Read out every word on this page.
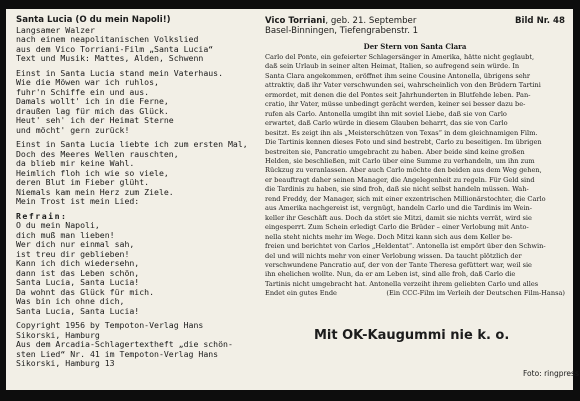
Santa Lucia (O du mein Napoli!)
Langsamer Walzer
nach einem neapolitanischen Volkslied
aus dem Vico Torriani-Film „Santa Lucia“
Text und Musik: Mattes, Alden, Schwenn
Einst in Santa Lucia stand mein Vaterhaus.
Wie die Möwen war ich ruhlos,
fuhr'n Schiffe ein und aus.
Damals wollt' ich in die Ferne,
draußen lag für mich das Glück.
Heut' seh' ich der Heimat Sterne
und möcht' gern zurück!
Einst in Santa Lucia liebte ich zum ersten Mal,
Doch des Meeres Wellen rauschten,
da blieb mir keine Wahl.
Heimlich floh ich wie so viele,
deren Blut im Fieber glüht.
Niemals kam mein Herz zum Ziele.
Mein Trost ist mein Lied:
Refrain:
O du mein Napoli,
dich muß man lieben!
Wer dich nur einmal sah,
ist treu dir geblieben!
Kann ich dich wiedersehn,
dann ist das Leben schön,
Santa Lucia, Santa Lucia!
Da wohnt das Glück für mich.
Was bin ich ohne dich,
Santa Lucia, Santa Lucia!
Copyright 1956 by Tempoton-Verlag Hans
Sikorski, Hamburg
Aus dem Arcadia-Schlagertextheft „die schön-
sten Lied“ Nr. 41 im Tempoton-Verlag Hans
Sikorski, Hamburg 13
Vico Torriani, geb. 21. September	Bild Nr. 48
Basel-Binningen, Tiefengrabenstr. 1
Der Stern von Santa Clara
Carlo del Ponte, ein gefeierter Schlagersänger in Amerika, hätte nicht geglaubt,
daß sein Urlaub in seiner alten Heimat, Italien, so aufregend sein würde. In
Santa Clara angekommen, eröffnet ihm seine Cousine Antonella, übrigens sehr
attraktiv, daß ihr Vater verschwunden sei, wahrscheinlich von den Brüdern Tartini
ermordet, mit denen die del Pontes seit Jahrhunderten in Blutfehde leben. Pan-
cratio, ihr Vater, müsse unbedingt gerächt werden, keiner sei besser dazu be-
rufen als Carlo. Antonella umgibt ihn mit soviel Liebe, daß sie von Carlo
erwartet, daß Carlo würde in diesem Glauben beharrt, das sie von Carlo
besitzt. Es zeigt ihn als „Meisterschützen von Texas“ in dem gleichnamigen Film.
Die Tartinis kennen dieses Foto und sind bestrebt, Carlo zu beseitigen. Im übrigen
bestreiten sie, Pancratio umgebracht zu haben. Aber beide sind keine großen
Helden, sie beschließen, mit Carlo über eine Summe zu verhandeln, um ihn zum
Rückzug zu veranlassen. Aber auch Carlo möchte den beiden aus dem Weg gehen,
er beauftragt daher seinen Manager, die Angelegenheit zu regeln. Für Geld sind
die Tardinis zu haben, sie sind froh, daß sie nicht selbst handeln müssen. Wah-
rend Freddy, der Manager, sich mit einer exzentrischen Millionärstochter, die Carlo
aus Amerika nachgereist ist, vergnügt, handeln Carlo und die Tardinis im Wein-
keller ihr Geschäft aus. Doch da stört sie Mitzi, damit sie nichts verrät, wird sie
eingesperrt. Zum Schein erledigt Carlo die Brüder – einer Verlobung mit Anto-
nella steht nichts mehr im Wege. Doch Mitzi kann sich aus dem Keller be-
freien und berichtet von Carlos „Heldentat“. Antonella ist empört über den Schwin-
del und will nichts mehr von einer Verlobung wissen. Da taucht plötzlich der
verschwundene Pancratio auf, der von der Tante Theresa gefüttert war, weil sie
ihn ehelichen wollte. Nun, da er am Leben ist, sind alle froh, daß Carlo die
Tartinis nicht umgebracht hat. Antonella verzeiht ihrem geliebten Carlo und alles
Endet ein gutes Ende	(Ein CCC-Film im Verleih der Deutschen Film-Hansa)
Mit OK-Kaugummi nie k. o.
Foto: ringpress
